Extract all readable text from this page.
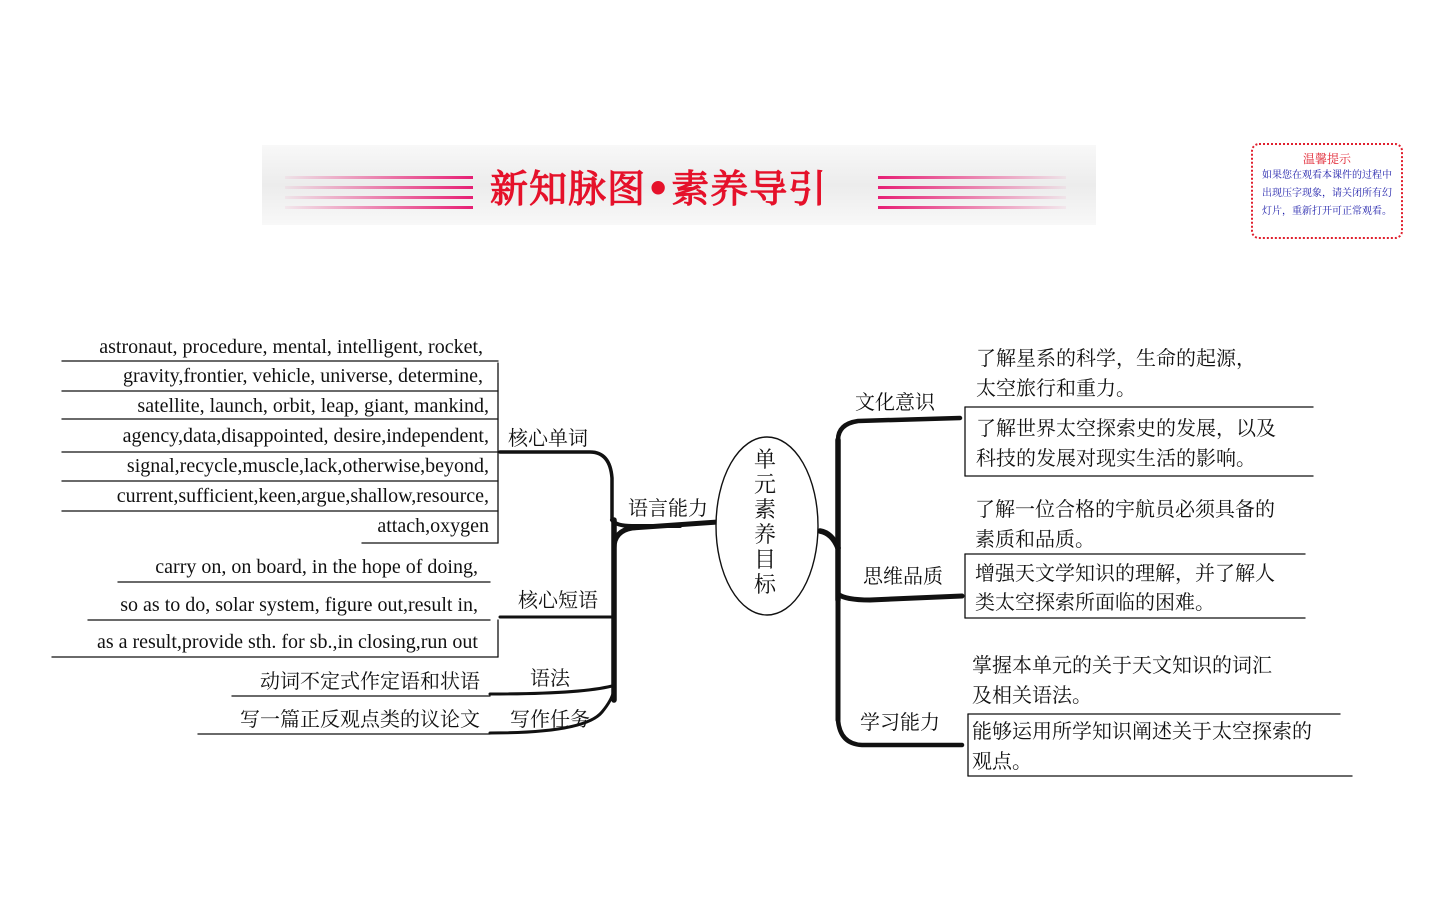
新知脉图•素养导引
温馨提示
如果您在观看本课件的过程中出现压字现象，请关闭所有幻灯片，重新打开可正常观看。
单元素养目标
语言能力
核心单词
核心短语
语法
写作任务
astronaut, procedure, mental, intelligent, rocket,
gravity,frontier, vehicle, universe, determine,
satellite, launch, orbit, leap, giant, mankind,
agency,data,disappointed, desire,independent,
signal,recycle,muscle,lack,otherwise,beyond,
current,sufficient,keen,argue,shallow,resource,
attach,oxygen
carry on, on board, in the hope of doing,
so as to do, solar system, figure out,result in,
as a result,provide sth. for sb.,in closing,run out
动词不定式作定语和状语
写一篇正反观点类的议论文
文化意识
思维品质
学习能力
了解星系的科学，生命的起源，
太空旅行和重力。
了解世界太空探索史的发展，以及
科技的发展对现实生活的影响。
了解一位合格的宇航员必须具备的
素质和品质。
增强天文学知识的理解，并了解人
类太空探索所面临的困难。
掌握本单元的关于天文知识的词汇
及相关语法。
能够运用所学知识阐述关于太空探索的
观点。
